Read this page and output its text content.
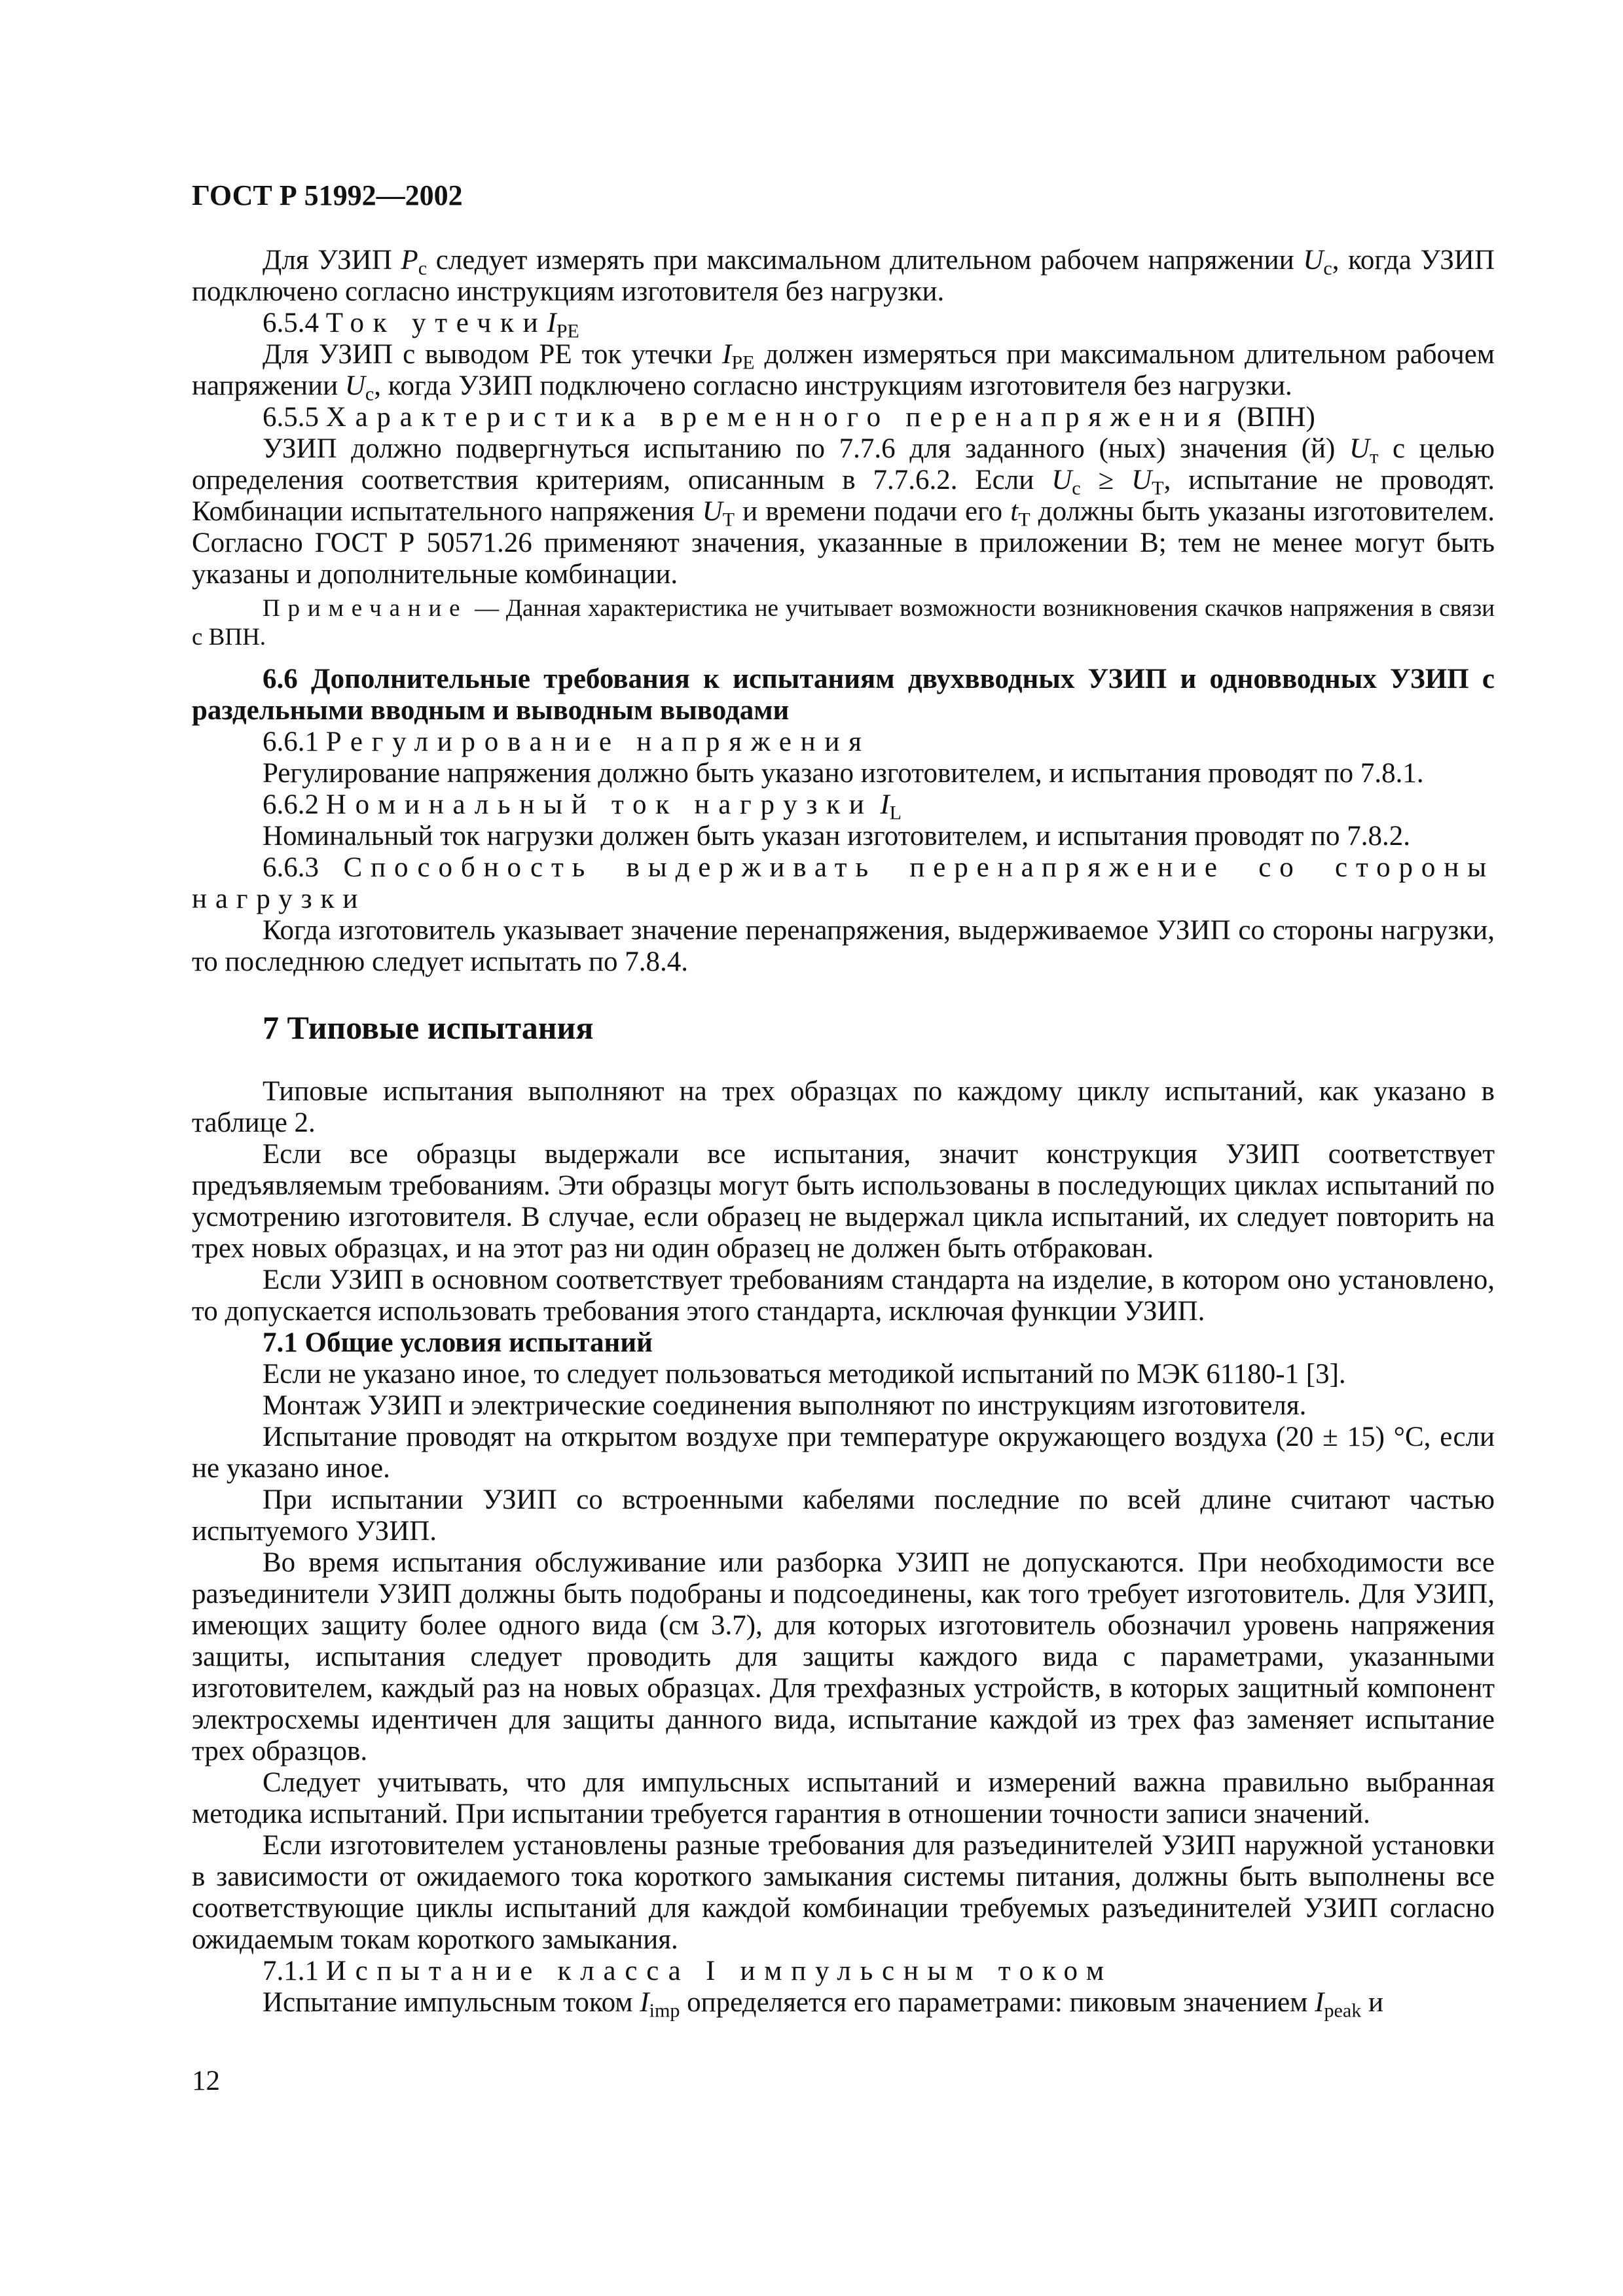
ГОСТ Р 51992—2002

Для УЗИП $P_c$ следует измерять при максимальном длительном рабочем напряжении $U_c$, когда УЗИП подключено согласно инструкциям изготовителя без нагрузки.

6.5.4 Ток утечкиI$_{PE}$

Для УЗИП с выводом PE ток утечки $I_{PE}$ должен измеряться при максимальном длительном рабочем напряжении $U_c$, когда УЗИП подключено согласно инструкциям изготовителя без нагрузки.

6.5.5 Характеристика временного перенапряжения (ВПН)

УЗИП должно подвергнуться испытанию по 7.7.6 для заданного (ных) значения (й) $U_т$ с целью определения соответствия критериям, описанным в 7.7.6.2. Если $U_c \ge U_Т$, испытание не проводят. Комбинации испытательного напряжения $U_Т$ и времени подачи его $t_Т$ должны быть указаны изготовителем. Согласно ГОСТ Р 50571.26 применяют значения, указанные в приложении В; тем не менее могут быть указаны и дополнительные комбинации.

Примечание — Данная характеристика не учитывает возможности возникновения скачков напряжения в связи с ВПН.

6.6 Дополнительные требования к испытаниям двухвводных УЗИП и одновводных УЗИП с раздельными вводным и выводным выводами

6.6.1 Регулирование напряжения

Регулирование напряжения должно быть указано изготовителем, и испытания проводят по 7.8.1.

6.6.2 Номинальный ток нагрузки $I_L$

Номинальный ток нагрузки должен быть указан изготовителем, и испытания проводят по 7.8.2.

6.6.3 Способность выдерживать перенапряжение со стороны нагрузки

Когда изготовитель указывает значение перенапряжения, выдерживаемое УЗИП со стороны нагрузки, то последнюю следует испытать по 7.8.4.

7 Типовые испытания

Типовые испытания выполняют на трех образцах по каждому циклу испытаний, как указано в таблице 2.

Если все образцы выдержали все испытания, значит конструкция УЗИП соответствует предъявляемым требованиям. Эти образцы могут быть использованы в последующих циклах испытаний по усмотрению изготовителя. В случае, если образец не выдержал цикла испытаний, их следует повторить на трех новых образцах, и на этот раз ни один образец не должен быть отбракован.

Если УЗИП в основном соответствует требованиям стандарта на изделие, в котором оно установлено, то допускается использовать требования этого стандарта, исключая функции УЗИП.

7.1 Общие условия испытаний

Если не указано иное, то следует пользоваться методикой испытаний по МЭК 61180-1 [3].

Монтаж УЗИП и электрические соединения выполняют по инструкциям изготовителя.

Испытание проводят на открытом воздухе при температуре окружающего воздуха (20 ± 15) °С, если не указано иное.

При испытании УЗИП со встроенными кабелями последние по всей длине считают частью испытуемого УЗИП.

Во время испытания обслуживание или разборка УЗИП не допускаются. При необходимости все разъединители УЗИП должны быть подобраны и подсоединены, как того требует изготовитель. Для УЗИП, имеющих защиту более одного вида (см 3.7), для которых изготовитель обозначил уровень напряжения защиты, испытания следует проводить для защиты каждого вида с параметрами, указанными изготовителем, каждый раз на новых образцах. Для трехфазных устройств, в которых защитный компонент электросхемы идентичен для защиты данного вида, испытание каждой из трех фаз заменяет испытание трех образцов.

Следует учитывать, что для импульсных испытаний и измерений важна правильно выбранная методика испытаний. При испытании требуется гарантия в отношении точности записи значений.

Если изготовителем установлены разные требования для разъединителей УЗИП наружной установки в зависимости от ожидаемого тока короткого замыкания системы питания, должны быть выполнены все соответствующие циклы испытаний для каждой комбинации требуемых разъединителей УЗИП согласно ожидаемым токам короткого замыкания.

7.1.1 Испытание класса I импульсным током

Испытание импульсным током $I_{imp}$ определяется его параметрами: пиковым значением $I_{peak}$ и

12
